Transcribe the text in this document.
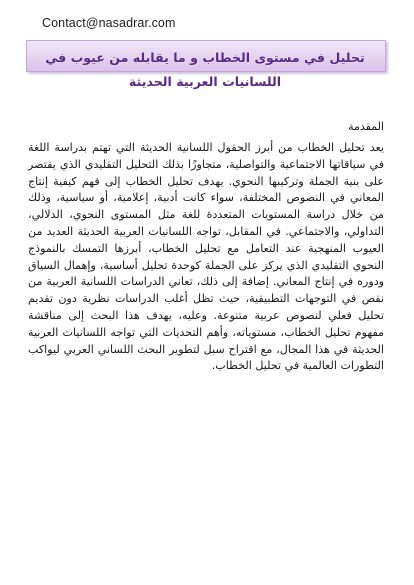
Contact@nasadrar.com
تحليل في مستوى الخطاب و ما يقابله من عيوب في اللسانيات العربية الحديثة
المقدمة
يعد تحليل الخطاب من أبرز الحقول اللسانية الحديثة التي تهتم بدراسة اللغة في سياقاتها الاجتماعية والتواصلية، متجاوزًا بذلك التحليل التقليدي الذي يقتصر على بنية الجملة وتركيبها النحوي. يهدف تحليل الخطاب إلى فهم كيفية إنتاج المعاني في النصوص المختلفة، سواء كانت أدبية، إعلامية، أو سياسية، وذلك من خلال دراسة المستويات المتعددة للغة مثل المستوى النحوي، الدلالي، التداولي، والاجتماعي. في المقابل، تواجه اللسانيات العربية الحديثة العديد من العيوب المنهجية عند التعامل مع تحليل الخطاب، أبرزها التمسك بالنموذج النحوي التقليدي الذي يركز على الجملة كوحدة تحليل أساسية، وإهمال السياق ودوره في إنتاج المعاني. إضافة إلى ذلك، تعاني الدراسات اللسانية العربية من نقص في التوجهات التطبيقية، حيث تظل أغلب الدراسات نظرية دون تقديم تحليل فعلي لنصوص عربية متنوعة. وعليه، يهدف هذا البحث إلى مناقشة مفهوم تحليل الخطاب، مستوياته، وأهم التحديات التي تواجه اللسانيات العربية الحديثة في هذا المجال، مع اقتراح سبل لتطوير البحث اللساني العربي ليواكب التطورات العالمية في تحليل الخطاب.
